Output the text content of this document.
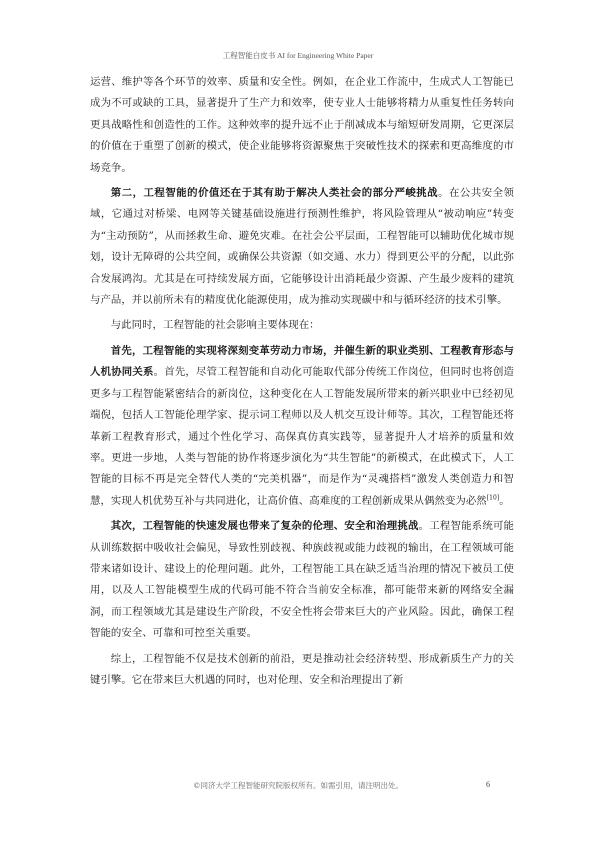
工程智能白皮书 AI for Engineering White Paper

运营、维护等各个环节的效率、质量和安全性。例如，在企业工作流中，生成式人工智能已成为不可或缺的工具，显著提升了生产力和效率，使专业人士能够将精力从重复性任务转向更具战略性和创造性的工作。这种效率的提升远不止于削减成本与缩短研发周期，它更深层的价值在于重塑了创新的模式，使企业能够将资源聚焦于突破性技术的探索和更高维度的市场竞争。

第二，工程智能的价值还在于其有助于解决人类社会的部分严峻挑战。在公共安全领域，它通过对桥梁、电网等关键基础设施进行预测性维护，将风险管理从“被动响应”转变为“主动预防”，从而拯救生命、避免灾难。在社会公平层面，工程智能可以辅助优化城市规划，设计无障碍的公共空间，或确保公共资源（如交通、水力）得到更公平的分配，以此弥合发展鸿沟。尤其是在可持续发展方面，它能够设计出消耗最少资源、产生最少废料的建筑与产品，并以前所未有的精度优化能源使用，成为推动实现碳中和与循环经济的技术引擎。

与此同时，工程智能的社会影响主要体现在：

首先，工程智能的实现将深刻变革劳动力市场，并催生新的职业类别、工程教育形态与人机协同关系。首先，尽管工程智能和自动化可能取代部分传统工作岗位，但同时也将创造更多与工程智能紧密结合的新岗位，这种变化在人工智能发展所带来的新兴职业中已经初见端倪，包括人工智能伦理学家、提示词工程师以及人机交互设计师等。其次，工程智能还将革新工程教育形式，通过个性化学习、高保真仿真实践等，显著提升人才培养的质量和效率。更进一步地，人类与智能的协作将逐步演化为“共生智能”的新模式，在此模式下，人工智能的目标不再是完全替代人类的“完美机器”，而是作为“灵魂搭档”激发人类创造力和智慧，实现人机优势互补与共同进化，让高价值、高难度的工程创新成果从偶然变为必然[10]。

其次，工程智能的快速发展也带来了复杂的伦理、安全和治理挑战。工程智能系统可能从训练数据中吸收社会偏见，导致性别歧视、种族歧视或能力歧视的输出，在工程领域可能带来诸如设计、建设上的伦理问题。此外，工程智能工具在缺乏适当治理的情况下被员工使用，以及人工智能模型生成的代码可能不符合当前安全标准，都可能带来新的网络安全漏洞，而工程领域尤其是建设生产阶段，不安全性将会带来巨大的产业风险。因此，确保工程智能的安全、可靠和可控至关重要。

综上，工程智能不仅是技术创新的前沿，更是推动社会经济转型、形成新质生产力的关键引擎。它在带来巨大机遇的同时，也对伦理、安全和治理提出了新

©同济大学工程智能研究院版权所有。如需引用，请注明出处。	6
